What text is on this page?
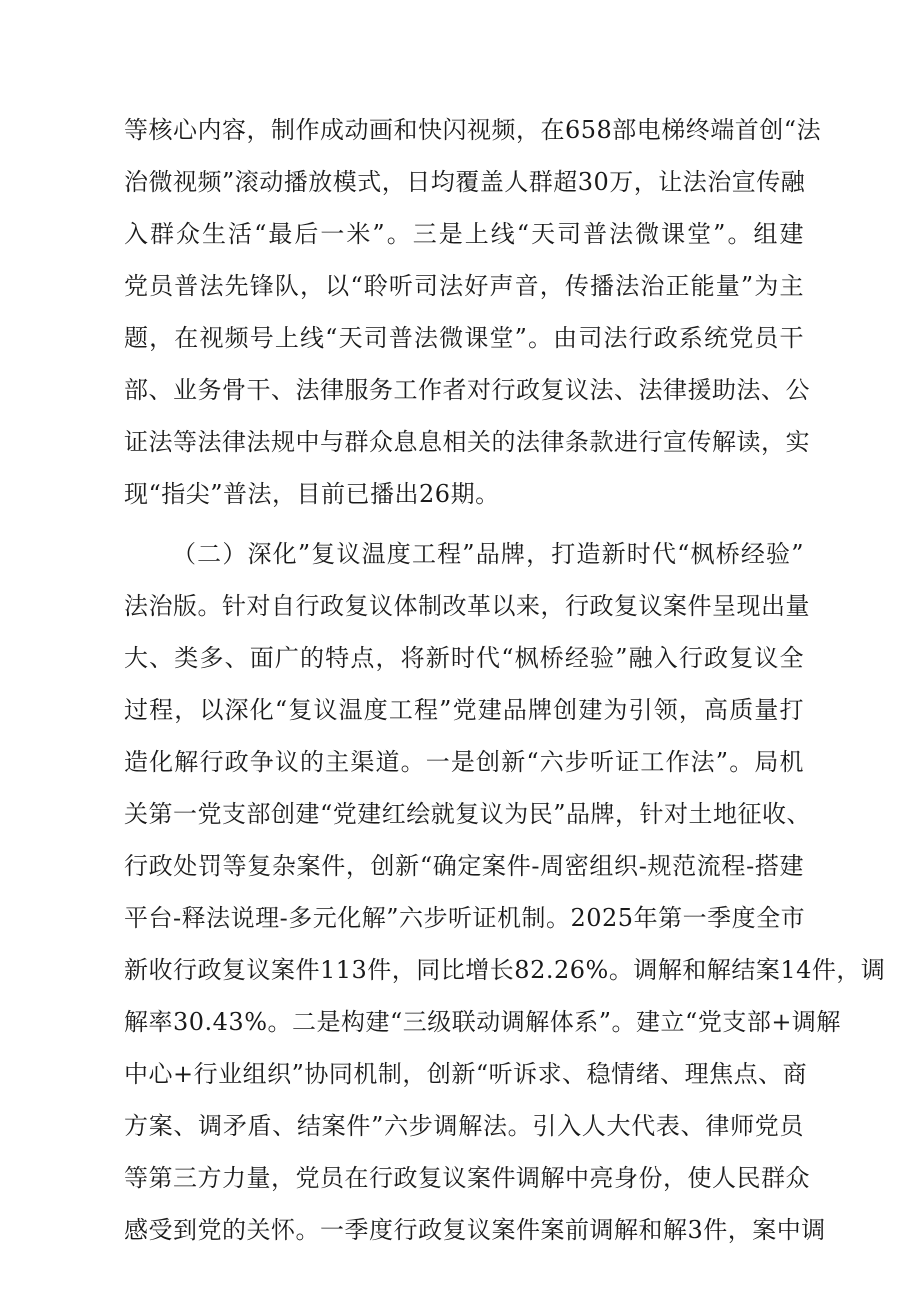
等核心内容，制作成动画和快闪视频，在658部电梯终端首创“法
治微视频”滚动播放模式，日均覆盖人群超30万，让法治宣传融
入群众生活“最后一米”。三是上线“天司普法微课堂”。组建
党员普法先锋队，以“聆听司法好声音，传播法治正能量”为主
题，在视频号上线“天司普法微课堂”。由司法行政系统党员干
部、业务骨干、法律服务工作者对行政复议法、法律援助法、公
证法等法律法规中与群众息息相关的法律条款进行宣传解读，实
现“指尖”普法，目前已播出26期。
（二）深化”复议温度工程”品牌，打造新时代“枫桥经验”
法治版。针对自行政复议体制改革以来，行政复议案件呈现出量
大、类多、面广的特点，将新时代“枫桥经验”融入行政复议全
过程，以深化“复议温度工程”党建品牌创建为引领，高质量打
造化解行政争议的主渠道。一是创新“六步听证工作法”。局机
关第一党支部创建“党建红绘就复议为民”品牌，针对土地征收、
行政处罚等复杂案件，创新“确定案件-周密组织-规范流程-搭建
平台-释法说理-多元化解”六步听证机制。2025年第一季度全市
新收行政复议案件113件，同比增长82.26%。调解和解结案14件，调
解率30.43%。二是构建“三级联动调解体系”。建立“党支部+调解
中心+行业组织”协同机制，创新“听诉求、稳情绪、理焦点、商
方案、调矛盾、结案件”六步调解法。引入人大代表、律师党员
等第三方力量，党员在行政复议案件调解中亮身份，使人民群众
感受到党的关怀。一季度行政复议案件案前调解和解3件，案中调
